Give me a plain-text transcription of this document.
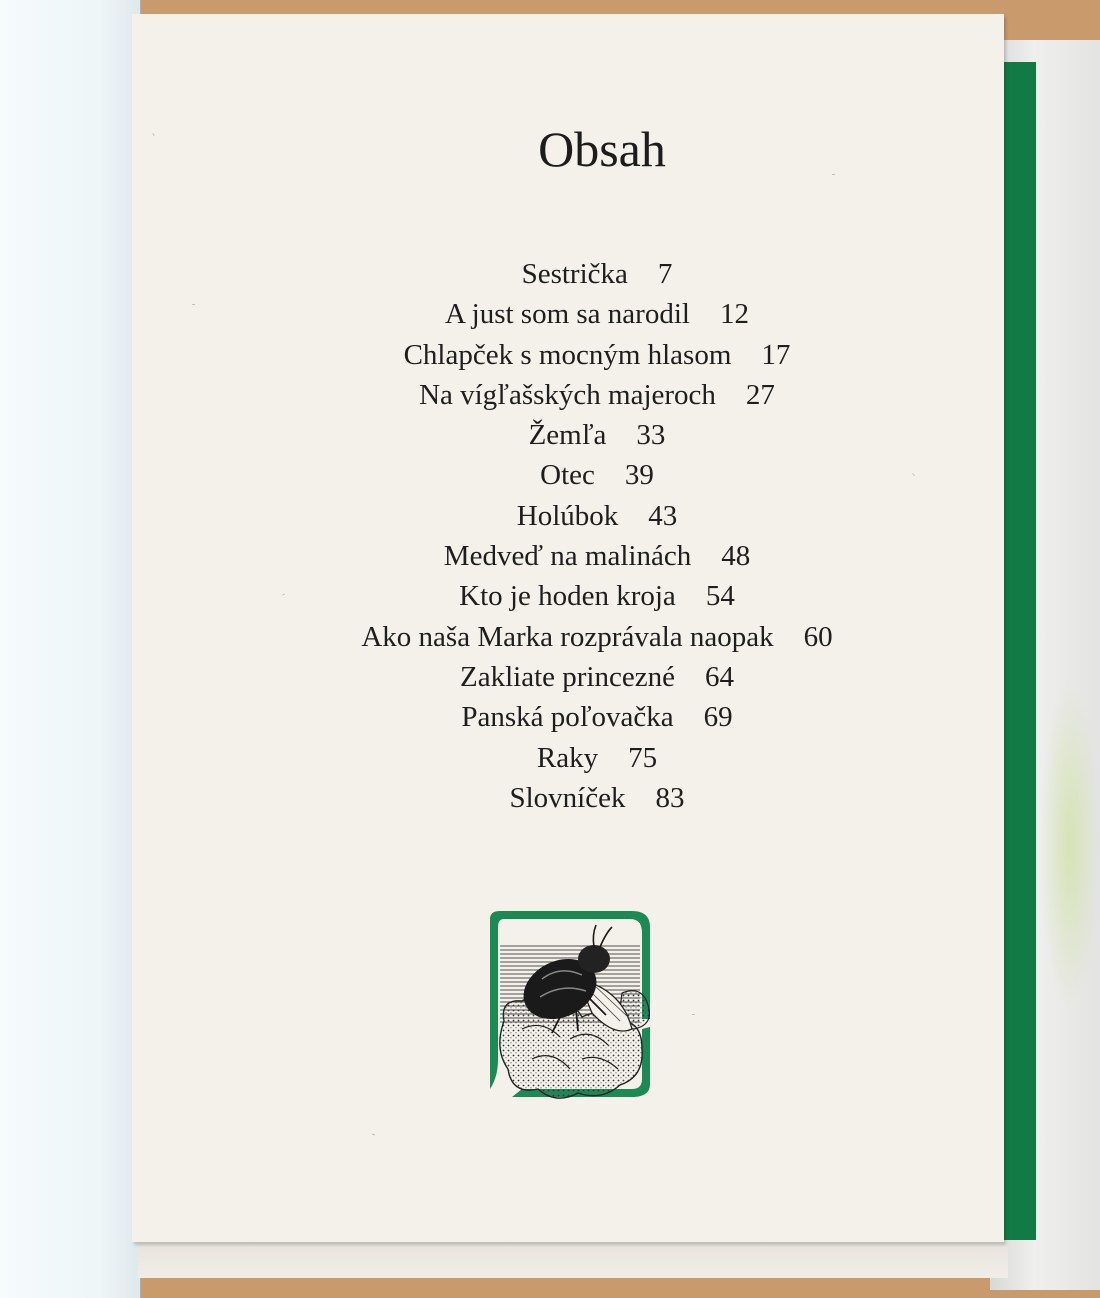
Obsah
Sestrička 7
A just som sa narodil 12
Chlapček s mocným hlasom 17
Na vígľašských majeroch 27
Žemľa 33
Otec 39
Holúbok 43
Medveď na malinách 48
Kto je hoden kroja 54
Ako naša Marka rozprávala naopak 60
Zakliate princezné 64
Panská poľovačka 69
Raky 75
Slovníček 83
